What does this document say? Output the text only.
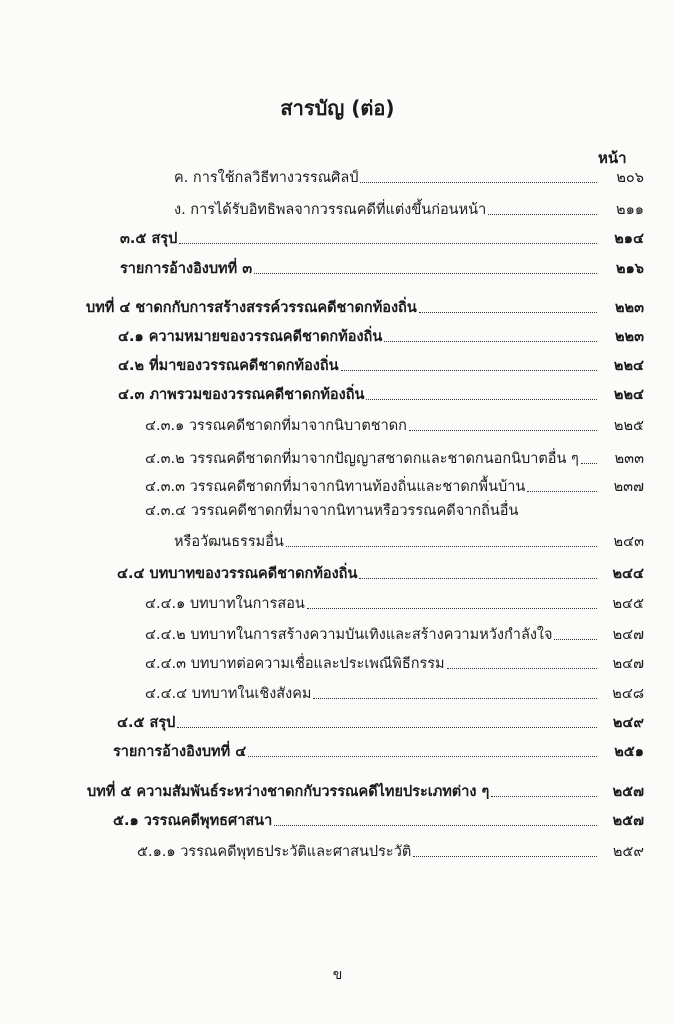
สารบัญ (ต่อ)
หน้า
ค. การใช้กลวิธีทางวรรณศิลป์	๒๐๖
ง. การได้รับอิทธิพลจากวรรณคดีที่แต่งขึ้นก่อนหน้า	๒๑๑
๓.๕ สรุป	๒๑๔
รายการอ้างอิงบทที่ ๓	๒๑๖
บทที่ ๔ ชาดกกับการสร้างสรรค์วรรณคดีชาดกท้องถิ่น	๒๒๓
๔.๑ ความหมายของวรรณคดีชาดกท้องถิ่น	๒๒๓
๔.๒ ที่มาของวรรณคดีชาดกท้องถิ่น	๒๒๔
๔.๓ ภาพรวมของวรรณคดีชาดกท้องถิ่น	๒๒๔
๔.๓.๑ วรรณคดีชาดกที่มาจากนิบาตชาดก	๒๒๕
๔.๓.๒ วรรณคดีชาดกที่มาจากปัญญาสชาดกและชาดกนอกนิบาตอื่น ๆ	๒๓๓
๔.๓.๓ วรรณคดีชาดกที่มาจากนิทานท้องถิ่นและชาดกพื้นบ้าน	๒๓๗
๔.๓.๔ วรรณคดีชาดกที่มาจากนิทานหรือวรรณคดีจากถิ่นอื่น
หรือวัฒนธรรมอื่น	๒๔๓
๔.๔ บทบาทของวรรณคดีชาดกท้องถิ่น	๒๔๔
๔.๔.๑ บทบาทในการสอน	๒๔๕
๔.๔.๒ บทบาทในการสร้างความบันเทิงและสร้างความหวังกำลังใจ	๒๔๗
๔.๔.๓ บทบาทต่อความเชื่อและประเพณีพิธีกรรม	๒๔๗
๔.๔.๔ บทบาทในเชิงสังคม	๒๔๘
๔.๕ สรุป	๒๔๙
รายการอ้างอิงบทที่ ๔	๒๕๑
บทที่ ๕ ความสัมพันธ์ระหว่างชาดกกับวรรณคดีไทยประเภทต่าง ๆ	๒๕๗
๕.๑ วรรณคดีพุทธศาสนา	๒๕๗
๕.๑.๑ วรรณคดีพุทธประวัติและศาสนประวัติ	๒๕๙
ข
